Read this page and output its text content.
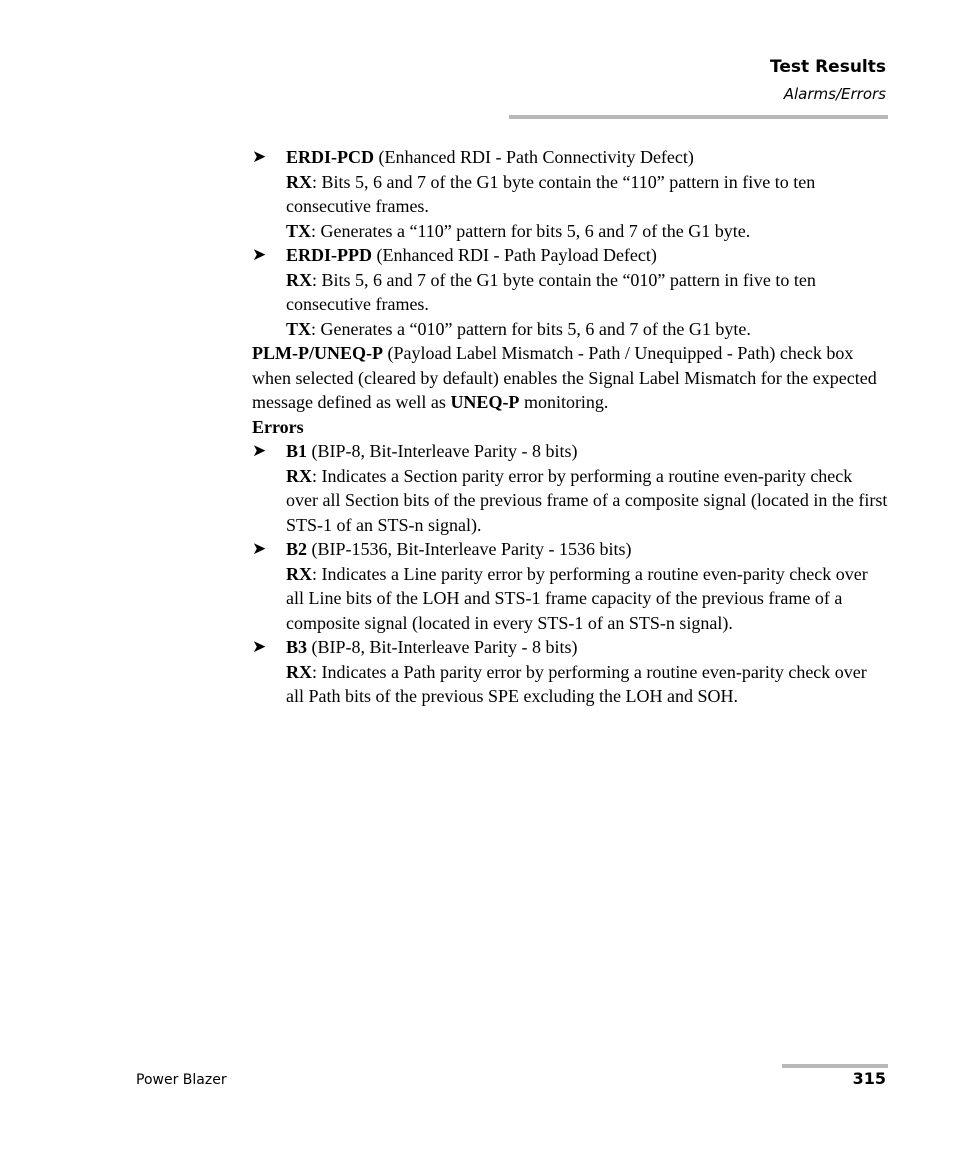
Test Results
Alarms/Errors

➤	ERDI-PCD (Enhanced RDI - Path Connectivity Defect)

RX: Bits 5, 6 and 7 of the G1 byte contain the “110” pattern in five to ten consecutive frames.

TX: Generates a “110” pattern for bits 5, 6 and 7 of the G1 byte.

➤	ERDI-PPD (Enhanced RDI - Path Payload Defect)

RX: Bits 5, 6 and 7 of the G1 byte contain the “010” pattern in five to ten consecutive frames.

TX: Generates a “010” pattern for bits 5, 6 and 7 of the G1 byte.

PLM-P/UNEQ-P (Payload Label Mismatch - Path / Unequipped - Path) check box when selected (cleared by default) enables the Signal Label Mismatch for the expected message defined as well as UNEQ-P monitoring.

Errors

➤	B1 (BIP-8, Bit-Interleave Parity - 8 bits)

RX: Indicates a Section parity error by performing a routine even-parity check over all Section bits of the previous frame of a composite signal (located in the first STS-1 of an STS-n signal).

➤	B2 (BIP-1536, Bit-Interleave Parity - 1536 bits)

RX: Indicates a Line parity error by performing a routine even-parity check over all Line bits of the LOH and STS-1 frame capacity of the previous frame of a composite signal (located in every STS-1 of an STS-n signal).

➤	B3 (BIP-8, Bit-Interleave Parity - 8 bits)

RX: Indicates a Path parity error by performing a routine even-parity check over all Path bits of the previous SPE excluding the LOH and SOH.

Power Blazer	315
